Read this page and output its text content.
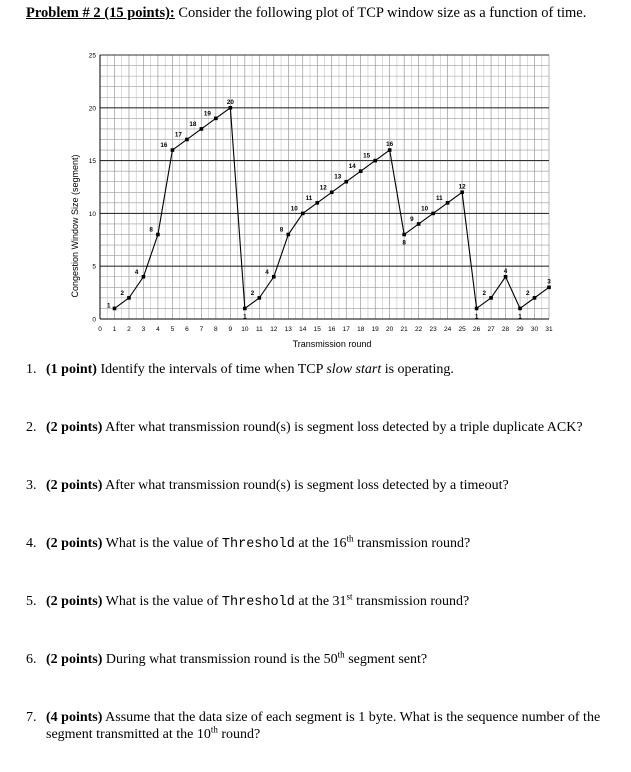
Problem # 2 (15 points): Consider the following plot of TCP window size as a function of time.
0 1 2 3 4 5 6 7 8 9 10 11 12 13 14 15 16 17 18 19 20 21 22 23 24 25 26 27 28 29 30 31
0
5
10
15
20
25
1
2
4
8
16
17
18
19
20
1
2
4
8
10
11
12
13
14
15
16
8
9
10
11
12
1
2
4
1
2
3
Transmission round
Congestion Window Size (segment)
1. (1 point) Identify the intervals of time when TCP slow start is operating.
2. (2 points) After what transmission round(s) is segment loss detected by a triple duplicate ACK?
3. (2 points) After what transmission round(s) is segment loss detected by a timeout?
4. (2 points) What is the value of Threshold at the 16th transmission round?
5. (2 points) What is the value of Threshold at the 31st transmission round?
6. (2 points) During what transmission round is the 50th segment sent?
7. (4 points) Assume that the data size of each segment is 1 byte. What is the sequence number of the segment transmitted at the 10th round?
